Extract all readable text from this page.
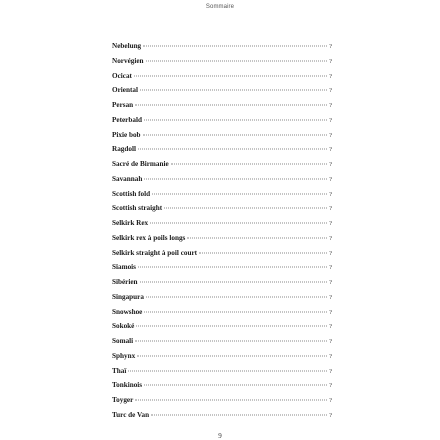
Sommaire
Nebelung	?
Norvégien	?
Ocicat	?
Oriental	?
Persan	?
Peterbald	?
Pixie bob	?
Ragdoll	?
Sacré de Birmanie	?
Savannah	?
Scottish fold	?
Scottish straight	?
Selkirk Rex	?
Selkirk rex à poils longs	?
Selkirk straight à poil court	?
Siamois	?
Sibérien	?
Singapura	?
Snowshoe	?
Sokoké	?
Somali	?
Sphynx	?
Thaï	?
Tonkinois	?
Toyger	?
Turc de Van	?
9
